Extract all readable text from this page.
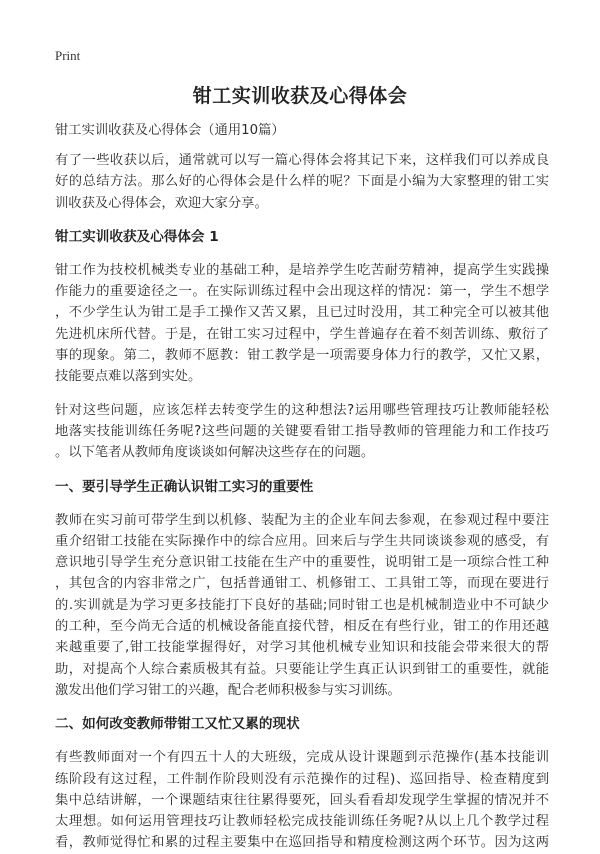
Print
钳工实训收获及心得体会
钳工实训收获及心得体会（通用10篇）
有了一些收获以后，通常就可以写一篇心得体会将其记下来，这样我们可以养成良
好的总结方法。那么好的心得体会是什么样的呢？下面是小编为大家整理的钳工实
训收获及心得体会，欢迎大家分享。
钳工实训收获及心得体会 1
钳工作为技校机械类专业的基础工种，是培养学生吃苦耐劳精神，提高学生实践操
作能力的重要途径之一。在实际训练过程中会出现这样的情况：第一，学生不想学
，不少学生认为钳工是手工操作又苦又累，且已过时没用，其工种完全可以被其他
先进机床所代替。于是，在钳工实习过程中，学生普遍存在着不刻苦训练、敷衍了
事的现象。第二，教师不愿教：钳工教学是一项需要身体力行的教学，又忙又累，
技能要点难以落到实处。
针对这些问题，应该怎样去转变学生的这种想法?运用哪些管理技巧让教师能轻松
地落实技能训练任务呢?这些问题的关键要看钳工指导教师的管理能力和工作技巧
。以下笔者从教师角度谈谈如何解决这些存在的问题。
一、要引导学生正确认识钳工实习的重要性
教师在实习前可带学生到以机修、装配为主的企业车间去参观，在参观过程中要注
重介绍钳工技能在实际操作中的综合应用。回来后与学生共同谈谈参观的感受，有
意识地引导学生充分意识钳工技能在生产中的重要性，说明钳工是一项综合性工种
，其包含的内容非常之广，包括普通钳工、机修钳工、工具钳工等，而现在要进行
的.实训就是为学习更多技能打下良好的基础;同时钳工也是机械制造业中不可缺少
的工种，至今尚无合适的机械设备能直接代替，相反在有些行业，钳工的作用还越
来越重要了,钳工技能掌握得好，对学习其他机械专业知识和技能会带来很大的帮
助，对提高个人综合素质极其有益。只要能让学生真正认识到钳工的重要性，就能
激发出他们学习钳工的兴趣，配合老师积极参与实习训练。
二、如何改变教师带钳工又忙又累的现状
有些教师面对一个有四五十人的大班级，完成从设计课题到示范操作(基本技能训
练阶段有这过程，工件制作阶段则没有示范操作的过程)、巡回指导、检查精度到
集中总结讲解，一个课题结束往往累得要死，回头看看却发现学生掌握的情况并不
太理想。如何运用管理技巧让教师轻松完成技能训练任务呢?从以上几个教学过程
看，教师觉得忙和累的过程主要集中在巡回指导和精度检测这两个环节。因为这两
